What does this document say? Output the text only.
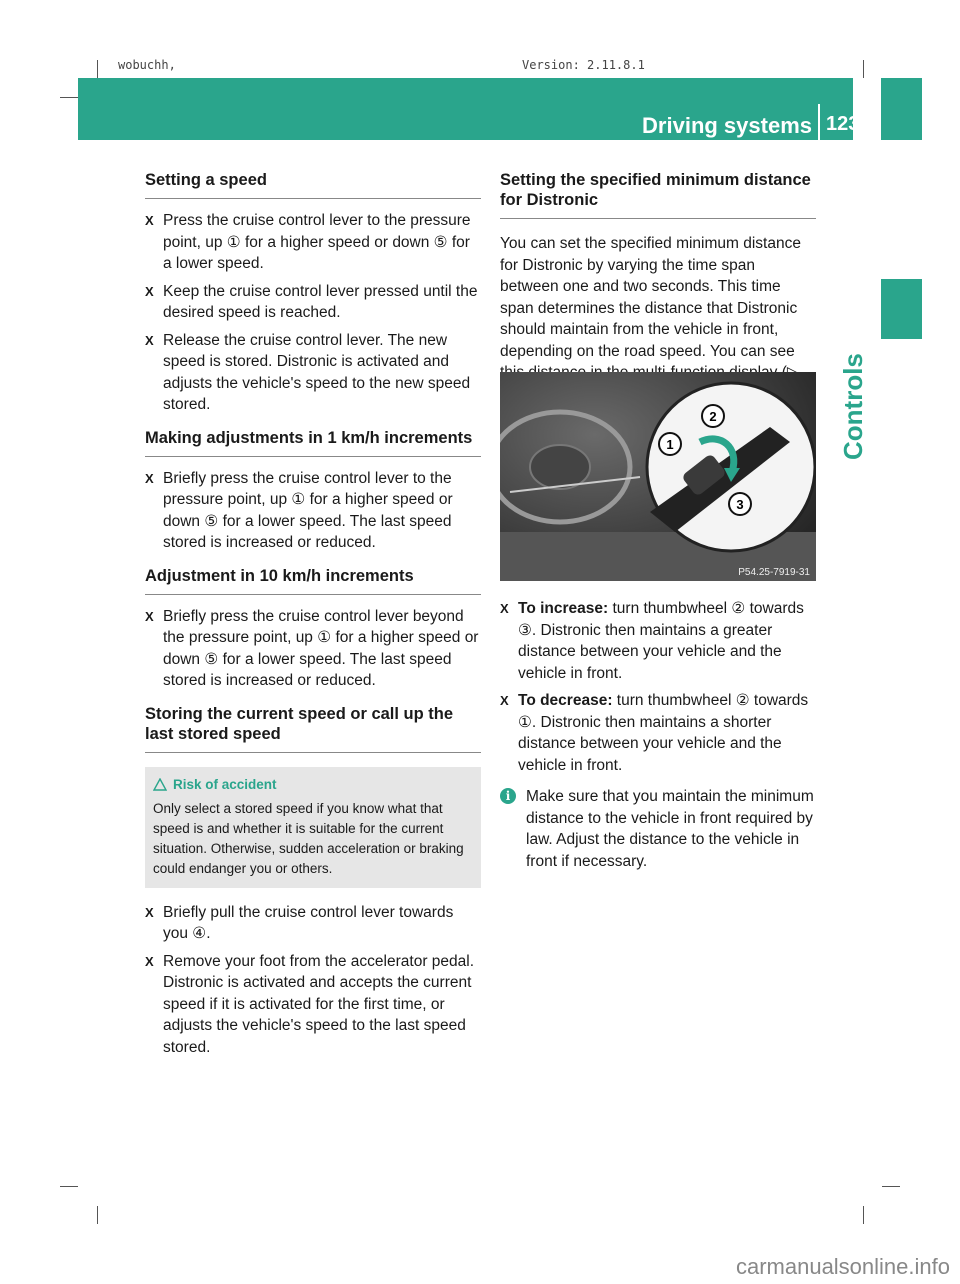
wobuchh,	Version: 2.11.8.1
Driving systems 123
Controls
Setting a speed
X Press the cruise control lever to the pressure point, up ① for a higher speed or down ⑤ for a lower speed.

X Keep the cruise control lever pressed until the desired speed is reached.

X Release the cruise control lever. The new speed is stored. Distronic is activated and adjusts the vehicle's speed to the new speed stored.

Making adjustments in 1 km/h increments
X Briefly press the cruise control lever to the pressure point, up ① for a higher speed or down ⑤ for a lower speed. The last speed stored is increased or reduced.

Adjustment in 10 km/h increments
X Briefly press the cruise control lever beyond the pressure point, up ① for a higher speed or down ⑤ for a lower speed. The last speed stored is increased or reduced.

Storing the current speed or call up the last stored speed
Risk of accident

Only select a stored speed if you know what that speed is and whether it is suitable for the current situation. Otherwise, sudden acceleration or braking could endanger you or others.

X Briefly pull the cruise control lever towards you ④.

X Remove your foot from the accelerator pedal. Distronic is activated and accepts the current speed if it is activated for the first time, or adjusts the vehicle's speed to the last speed stored.

Setting the specified minimum distance for Distronic

You can set the specified minimum distance for Distronic by varying the time span between one and two seconds. This time span determines the distance that Distronic should maintain from the vehicle in front, depending on the road speed. You can see

1
2
3
P54.25-7919-31
X To increase: turn thumbwheel ② towards ③. Distronic then maintains a greater distance between your vehicle and the vehicle in front.

X To decrease: turn thumbwheel ② towards ①. Distronic then maintains a shorter distance between your vehicle and the vehicle in front.

i	Make sure that you maintain the minimum distance to the vehicle in front required by law. Adjust the distance to the vehicle in front if necessary.

carmanualsonline.info
